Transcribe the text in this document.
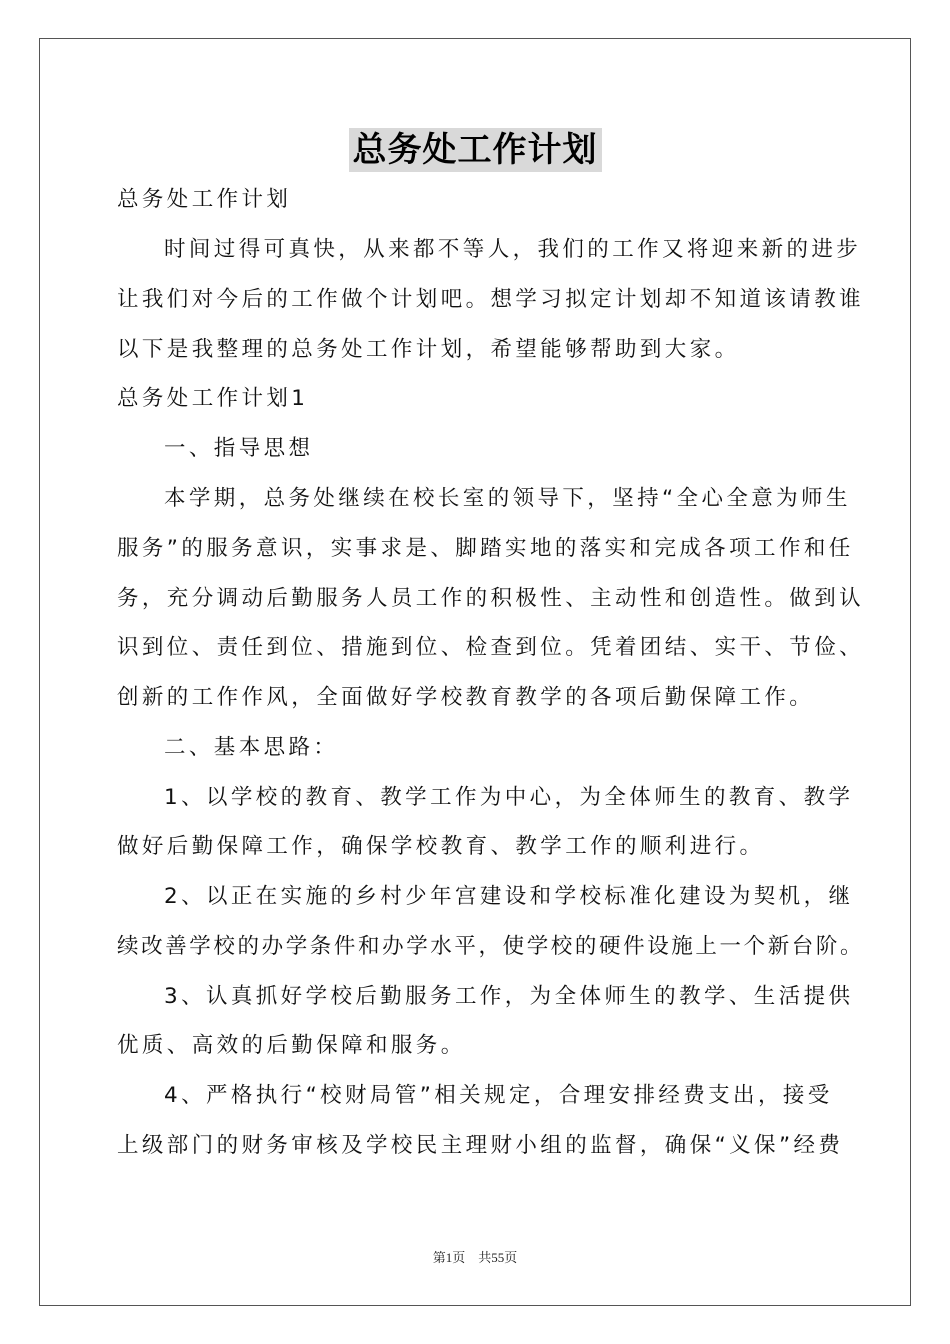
总务处工作计划
总务处工作计划
时间过得可真快，从来都不等人，我们的工作又将迎来新的进步
让我们对今后的工作做个计划吧。想学习拟定计划却不知道该请教谁
以下是我整理的总务处工作计划，希望能够帮助到大家。
总务处工作计划1
一、指导思想
本学期，总务处继续在校长室的领导下，坚持“全心全意为师生
服务”的服务意识，实事求是、脚踏实地的落实和完成各项工作和任
务，充分调动后勤服务人员工作的积极性、主动性和创造性。做到认
识到位、责任到位、措施到位、检查到位。凭着团结、实干、节俭、
创新的工作作风，全面做好学校教育教学的各项后勤保障工作。
二、基本思路：
1、以学校的教育、教学工作为中心，为全体师生的教育、教学
做好后勤保障工作，确保学校教育、教学工作的顺利进行。
2、以正在实施的乡村少年宫建设和学校标准化建设为契机，继
续改善学校的办学条件和办学水平，使学校的硬件设施上一个新台阶。
3、认真抓好学校后勤服务工作，为全体师生的教学、生活提供
优质、高效的后勤保障和服务。
4、严格执行“校财局管”相关规定，合理安排经费支出，接受
上级部门的财务审核及学校民主理财小组的监督，确保“义保”经费
第1页　共55页
